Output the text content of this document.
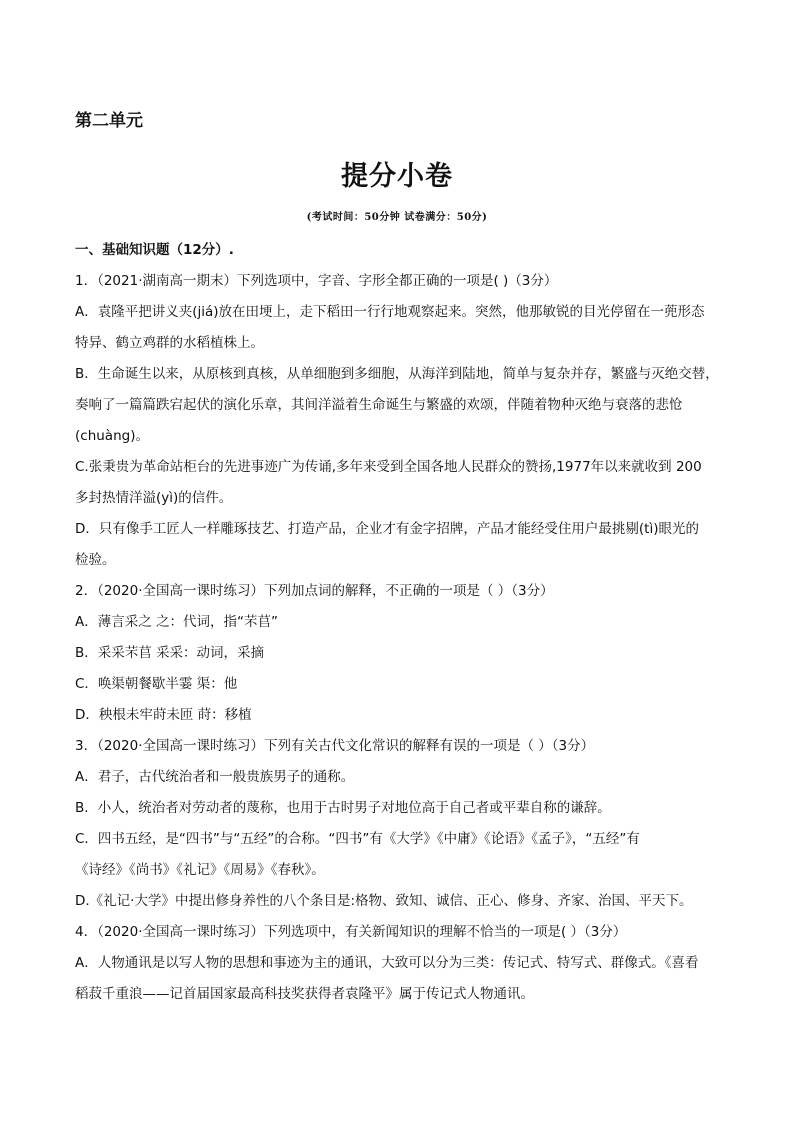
第二单元
提分小卷
(考试时间：50分钟 试卷满分：50分)

一、基础知识题（12分）.

1．（2021·湖南高一期末）下列选项中，字音、字形全都正确的一项是( )（3分）

A．袁隆平把讲义夹(jiá)放在田埂上，走下稻田一行行地观察起来。突然，他那敏锐的目光停留在一蔸形态

特异、鹤立鸡群的水稻植株上。

B．生命诞生以来，从原核到真核，从单细胞到多细胞，从海洋到陆地，简单与复杂并存，繁盛与灭绝交替，

奏响了一篇篇跌宕起伏的演化乐章，其间洋溢着生命诞生与繁盛的欢颂，伴随着物种灭绝与衰落的悲怆

(chuàng)。

C.张秉贵为革命站柜台的先进事迹广为传诵,多年来受到全国各地人民群众的赞扬,1977年以来就收到 200

多封热情洋溢(yì)的信件。

D．只有像手工匠人一样雕琢技艺、打造产品，企业才有金字招牌，产品才能经受住用户最挑剔(tì)眼光的

检验。

2．（2020·全国高一课时练习）下列加点词的解释，不正确的一项是（ ）（3分）

A．薄言采之 之：代词，指“芣苢”

B．采采芣苢 采采：动词，采摘

C．唤渠朝餐歇半霎 渠：他

D．秧根未牢莳未匝 莳：移植

3．（2020·全国高一课时练习）下列有关古代文化常识的解释有误的一项是（ ）（3分）

A．君子，古代统治者和一般贵族男子的通称。

B．小人，统治者对劳动者的蔑称，也用于古时男子对地位高于自己者或平辈自称的谦辞。

C．四书五经，是“四书”与“五经”的合称。“四书”有《大学》《中庸》《论语》《孟子》，“五经”有

《诗经》《尚书》《礼记》《周易》《春秋》。

D.《礼记·大学》中提出修身养性的八个条目是:格物、致知、诚信、正心、修身、齐家、治国、平天下。

4．（2020·全国高一课时练习）下列选项中，有关新闻知识的理解不恰当的一项是( ）（3分）

A．人物通讯是以写人物的思想和事迹为主的通讯，大致可以分为三类：传记式、特写式、群像式。《喜看

稻菽千重浪——记首届国家最高科技奖获得者袁隆平》属于传记式人物通讯。
